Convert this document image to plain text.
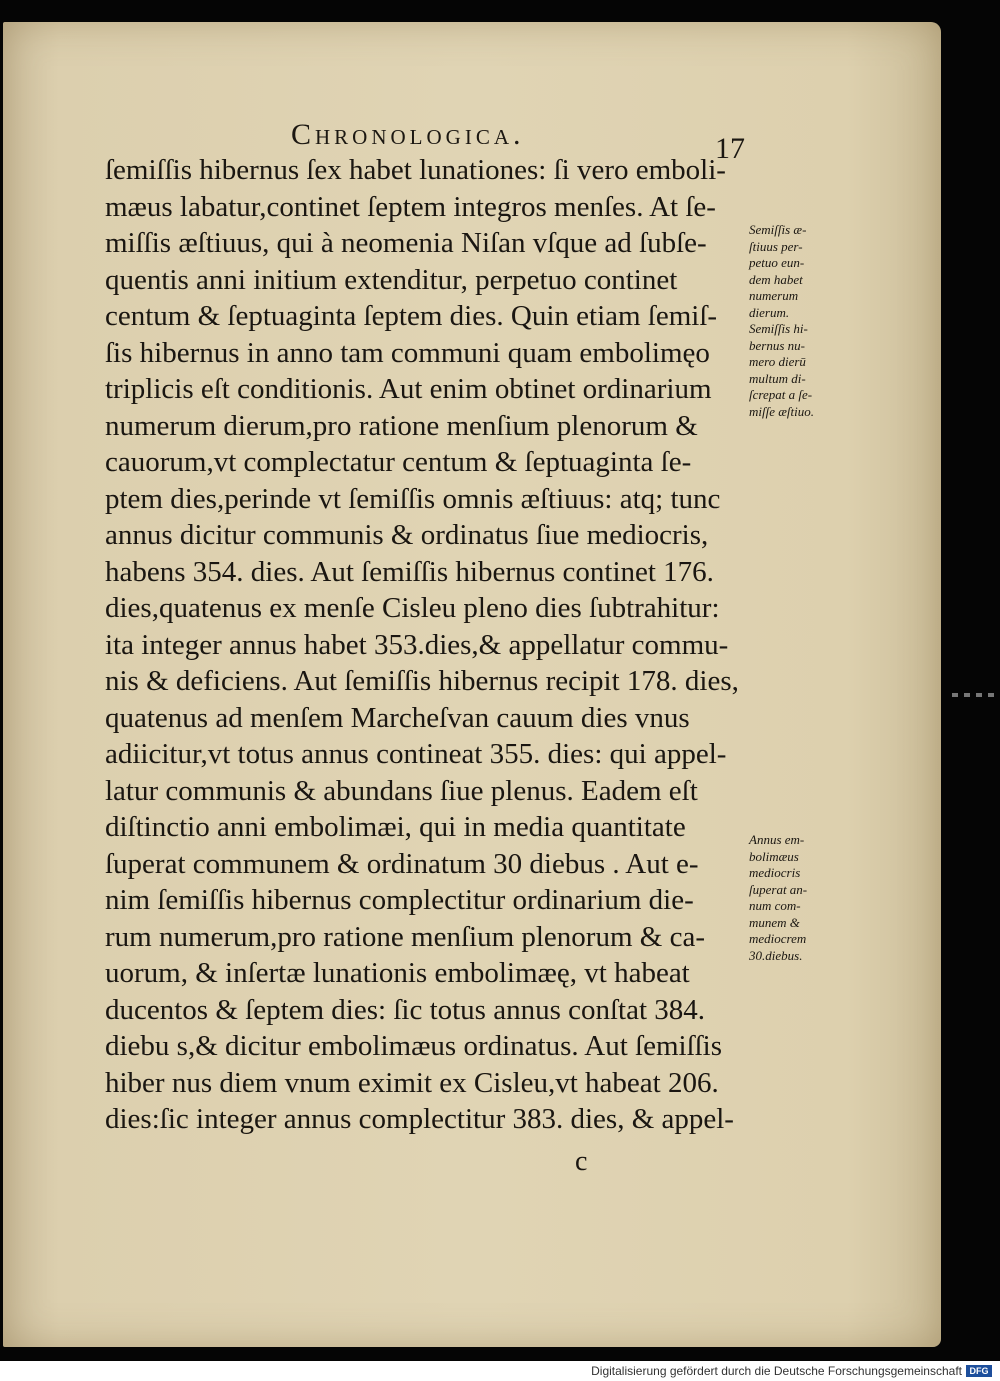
Chronologica.	17
ſemiſſis hibernus ſex habet lunationes: ſi vero emboli-
mæus labatur,continet ſeptem integros menſes. At ſe-
miſſis æſtiuus, qui à neomenia Niſan vſque ad ſubſe-
quentis anni initium extenditur, perpetuo continet
centum & ſeptuaginta ſeptem dies. Quin etiam ſemiſ-
ſis hibernus in anno tam communi quam embolimęo
triplicis eſt conditionis. Aut enim obtinet ordinarium
numerum dierum,pro ratione menſium plenorum &
cauorum,vt complectatur centum & ſeptuaginta ſe-
ptem dies,perinde vt ſemiſſis omnis æſtiuus: atq; tunc
annus dicitur communis & ordinatus ſiue mediocris,
habens 354. dies. Aut ſemiſſis hibernus continet 176.
dies,quatenus ex menſe Cisleu pleno dies ſubtrahitur:
ita integer annus habet 353.dies,& appellatur commu-
nis & deficiens. Aut ſemiſſis hibernus recipit 178. dies,
quatenus ad menſem Marcheſvan cauum dies vnus
adiicitur,vt totus annus contineat 355. dies: qui appel-
latur communis & abundans ſiue plenus. Eadem eſt
diſtinctio anni embolimæi, qui in media quantitate
ſuperat communem & ordinatum 30 diebus . Aut e-
nim ſemiſſis hibernus complectitur ordinarium die-
rum numerum,pro ratione menſium plenorum & ca-
uorum, & inſertæ lunationis embolimæę, vt habeat
ducentos & ſeptem dies: ſic totus annus conſtat 384.
diebu s,& dicitur embolimæus ordinatus. Aut ſemiſſis
hiber nus diem vnum eximit ex Cisleu,vt habeat 206.
dies:ſic integer annus complectitur 383. dies, & appel-
Semiſſis æ-
ſtiuus per-
petuo eun-
dem habet
numerum
dierum.
Semiſſis hi-
bernus nu-
mero dierū
multum di-
ſcrepat a ſe-
miſſe æſtiuo.
Annus em-
bolimæus
mediocris
ſuperat an-
num com-
munem &
mediocrem
30.diebus.
c
Digitalisierung gefördert durch die Deutsche Forschungsgemeinschaft DFG
